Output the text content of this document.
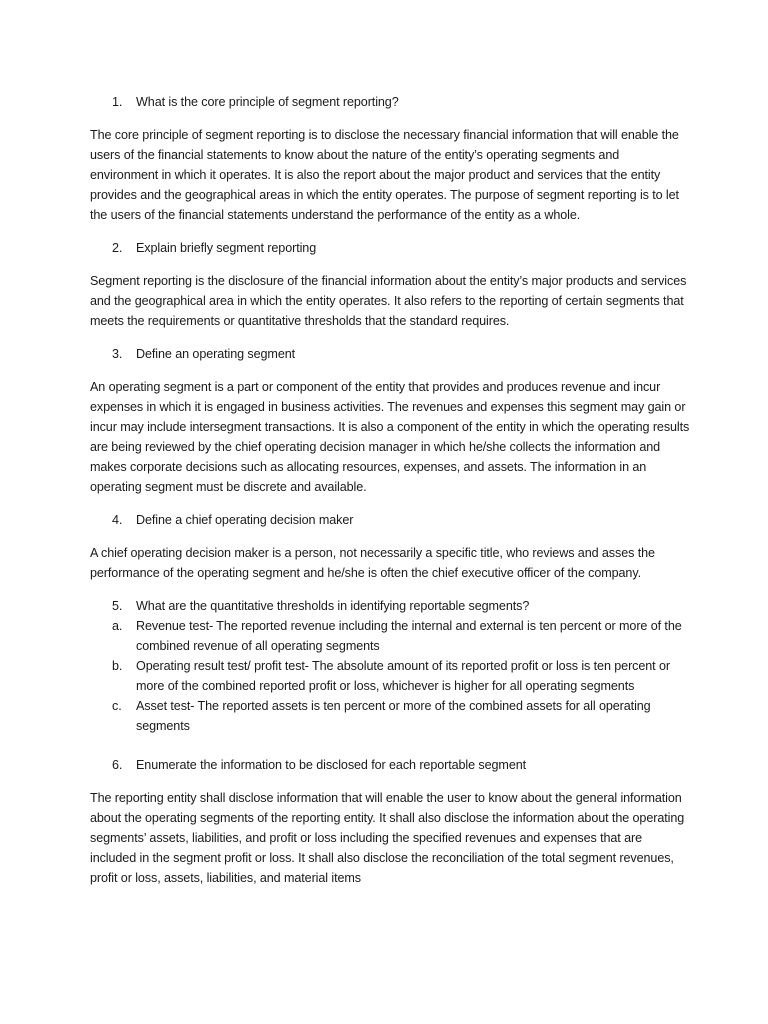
1. What is the core principle of segment reporting?
The core principle of segment reporting is to disclose the necessary financial information that will enable the users of the financial statements to know about the nature of the entity’s operating segments and environment in which it operates. It is also the report about the major product and services that the entity provides and the geographical areas in which the entity operates. The purpose of segment reporting is to let the users of the financial statements understand the performance of the entity as a whole.
2. Explain briefly segment reporting
Segment reporting is the disclosure of the financial information about the entity’s major products and services and the geographical area in which the entity operates. It also refers to the reporting of certain segments that meets the requirements or quantitative thresholds that the standard requires.
3. Define an operating segment
An operating segment is a part or component of the entity that provides and produces revenue and incur expenses in which it is engaged in business activities. The revenues and expenses this segment may gain or incur may include intersegment transactions. It is also a component of the entity in which the operating results are being reviewed by the chief operating decision manager in which he/she collects the information and makes corporate decisions such as allocating resources, expenses, and assets. The information in an operating segment must be discrete and available.
4. Define a chief operating decision maker
A chief operating decision maker is a person, not necessarily a specific title, who reviews and asses the performance of the operating segment and he/she is often the chief executive officer of the company.
5. What are the quantitative thresholds in identifying reportable segments?
a. Revenue test- The reported revenue including the internal and external is ten percent or more of the combined revenue of all operating segments
b. Operating result test/ profit test- The absolute amount of its reported profit or loss is ten percent or more of the combined reported profit or loss, whichever is higher for all operating segments
c. Asset test- The reported assets is ten percent or more of the combined assets for all operating segments
6. Enumerate the information to be disclosed for each reportable segment
The reporting entity shall disclose information that will enable the user to know about the general information about the operating segments of the reporting entity. It shall also disclose the information about the operating segments’ assets, liabilities, and profit or loss including the specified revenues and expenses that are included in the segment profit or loss. It shall also disclose the reconciliation of the total segment revenues, profit or loss, assets, liabilities, and material items
